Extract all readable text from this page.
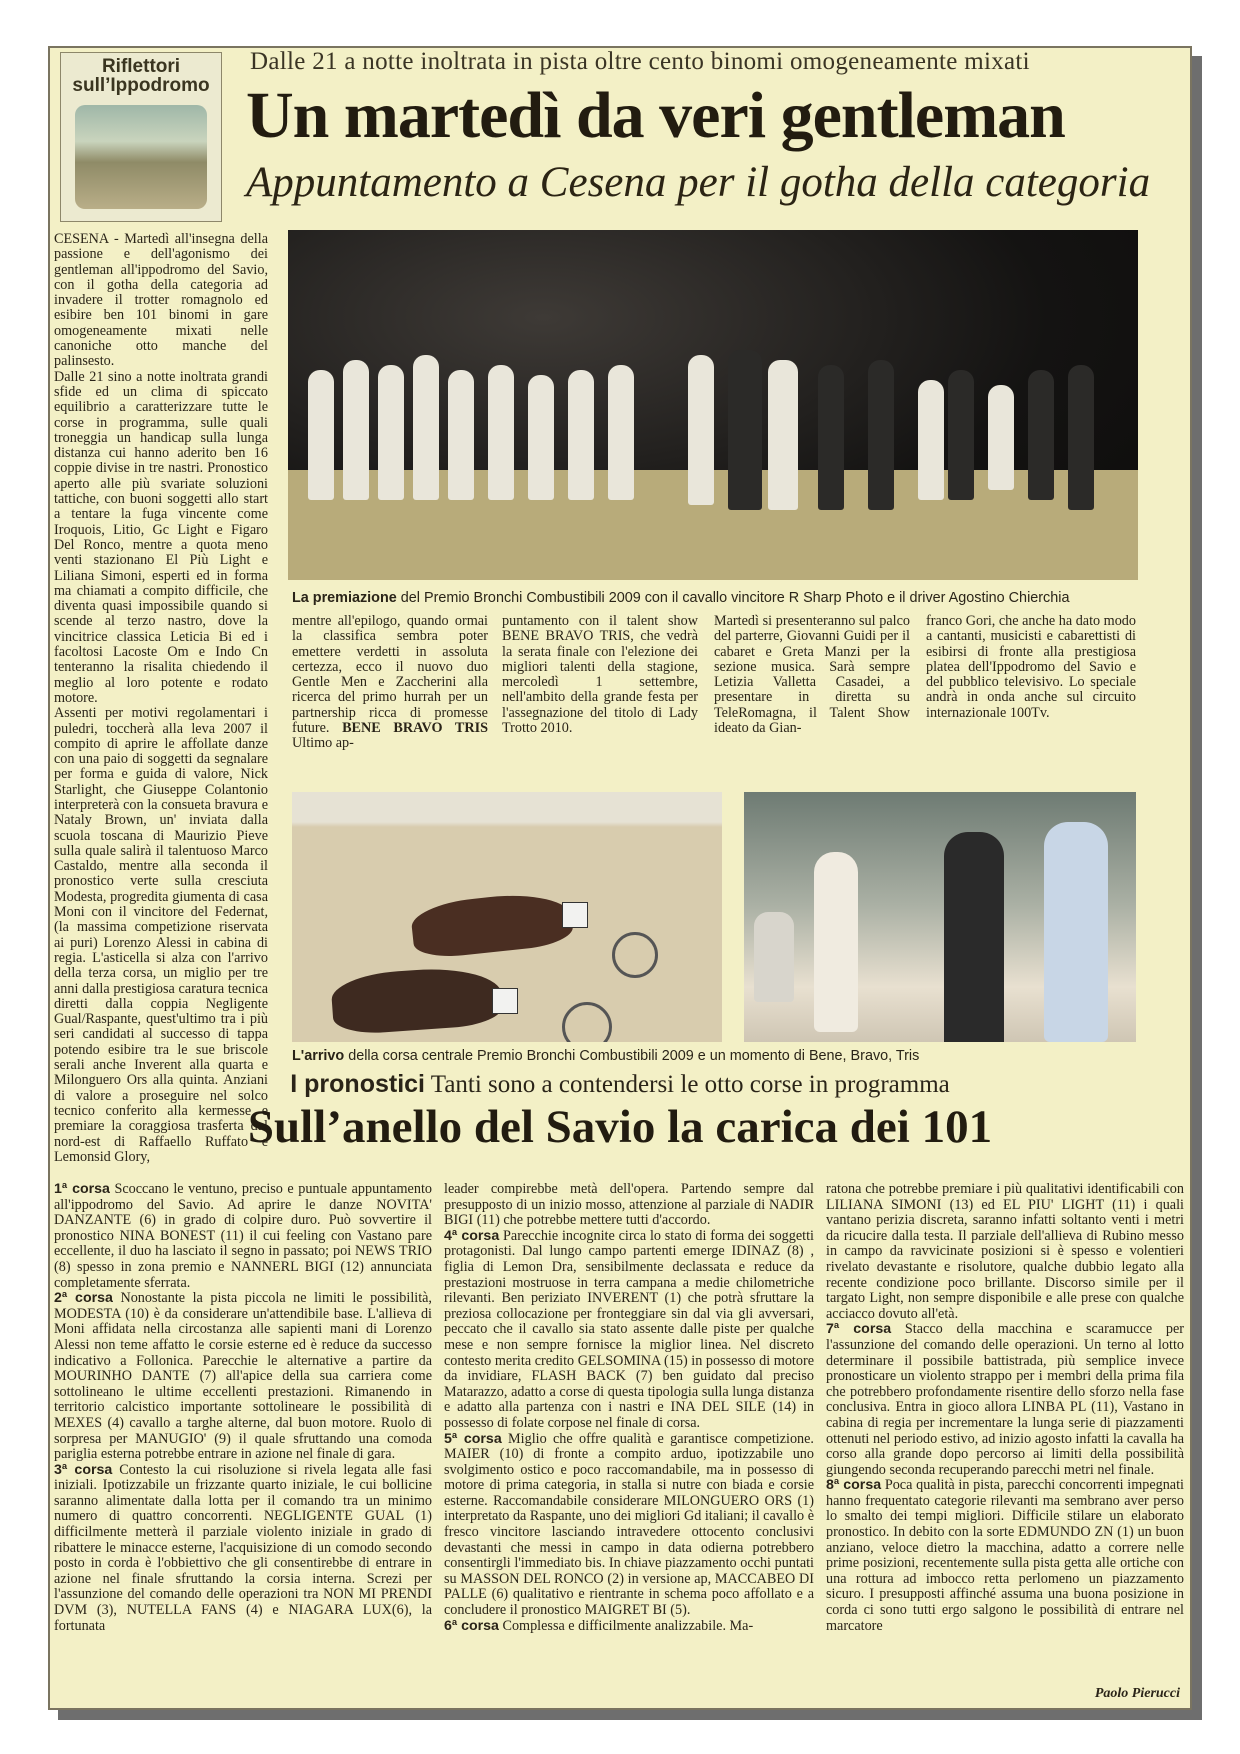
Riflettori
sull’Ippodromo
Dalle 21 a notte inoltrata in pista oltre cento binomi omogeneamente mixati
Un martedì da veri gentleman
Appuntamento a Cesena per il gotha della categoria

CESENA - Martedì all'insegna della passione e dell'agonismo dei gentleman all'ippodromo del Savio, con il gotha della categoria ad invadere il trotter romagnolo ed esibire ben 101 binomi in gare omogeneamente mixati nelle canoniche otto manche del palinsesto.

Dalle 21 sino a notte inoltrata grandi sfide ed un clima di spiccato equilibrio a caratterizzare tutte le corse in programma, sulle quali troneggia un handicap sulla lunga distanza cui hanno aderito ben 16 coppie divise in tre nastri. Pronostico aperto alle più svariate soluzioni tattiche, con buoni soggetti allo start a tentare la fuga vincente come Iroquois, Litio, Gc Light e Figaro Del Ronco, mentre a quota meno venti stazionano El Più Light e Liliana Simoni, esperti ed in forma ma chiamati a compito difficile, che diventa quasi impossibile quando si scende al terzo nastro, dove la vincitrice classica Leticia Bi ed i facoltosi Lacoste Om e Indo Cn tenteranno la risalita chiedendo il meglio al loro potente e rodato motore.

Assenti per motivi regolamentari i puledri, toccherà alla leva 2007 il compito di aprire le affollate danze con una paio di soggetti da segnalare per forma e guida di valore, Nick Starlight, che Giuseppe Colantonio interpreterà con la consueta bravura e Nataly Brown, un' inviata dalla scuola toscana di Maurizio Pieve sulla quale salirà il talentuoso Marco Castaldo, mentre alla seconda il pronostico verte sulla cresciuta Modesta, progredita giumenta di casa Moni con il vincitore del Federnat, (la massima competizione riservata ai puri) Lorenzo Alessi in cabina di regia. L'asticella si alza con l'arrivo della terza corsa, un miglio per tre anni dalla prestigiosa caratura tecnica diretti dalla coppia Negligente Gual/Raspante, quest'ultimo tra i più seri candidati al successo di tappa potendo esibire tra le sue briscole serali anche Inverent alla quarta e Milonguero Ors alla quinta. Anziani di valore a proseguire nel solco tecnico conferito alla kermesse e premiare la coraggiosa trasferta dal nord-est di Raffaello Ruffato e Lemonsid Glory,

La premiazione del Premio Bronchi Combustibili 2009 con il cavallo vincitore R Sharp Photo e il driver Agostino Chierchia

mentre all'epilogo, quando ormai la classifica sembra poter emettere verdetti in assoluta certezza, ecco il nuovo duo Gentle Men e Zaccherini alla ricerca del primo hurrah per un partnership ricca di promesse future. BENE BRAVO TRIS Ultimo ap-

puntamento con il talent show BENE BRAVO TRIS, che vedrà la serata finale con l'elezione dei migliori talenti della stagione, mercoledì 1 settembre, nell'ambito della grande festa per l'assegnazione del titolo di Lady Trotto 2010.

Martedì si presenteranno sul palco del parterre, Giovanni Guidi per il cabaret e Greta Manzi per la sezione musica. Sarà sempre Letizia Valletta Casadei, a presentare in diretta su TeleRomagna, il Talent Show ideato da Gian-

franco Gori, che anche ha dato modo a cantanti, musicisti e cabarettisti di esibirsi di fronte alla prestigiosa platea dell'Ippodromo del Savio e del pubblico televisivo. Lo speciale andrà in onda anche sul circuito internazionale 100Tv.

I pronostici Tanti sono a contendersi le otto corse in programma
Sull’anello del Savio la carica dei 101

1ª corsa Scoccano le ventuno, preciso e puntuale appuntamento all'ippodromo del Savio. Ad aprire le danze NOVITA' DANZANTE (6) in grado di colpire duro. Può sovvertire il pronostico NINA BONEST (11) il cui feeling con Vastano pare eccellente, il duo ha lasciato il segno in passato; poi NEWS TRIO (8) spesso in zona premio e NANNERL BIGI (12) annunciata completamente sferrata.

2ª corsa Nonostante la pista piccola ne limiti le possibilità, MODESTA (10) è da considerare un'attendibile base. L'allieva di Moni affidata nella circostanza alle sapienti mani di Lorenzo Alessi non teme affatto le corsie esterne ed è reduce da successo indicativo a Follonica. Parecchie le alternative a partire da MOURINHO DANTE (7) all'apice della sua carriera come sottolineano le ultime eccellenti prestazioni. Rimanendo in territorio calcistico importante sottolineare le possibilità di MEXES (4) cavallo a targhe alterne, dal buon motore. Ruolo di sorpresa per MANUGIO' (9) il quale sfruttando una comoda pariglia esterna potrebbe entrare in azione nel finale di gara.

3ª corsa Contesto la cui risoluzione si rivela legata alle fasi iniziali. Ipotizzabile un frizzante quarto iniziale, le cui bollicine saranno alimentate dalla lotta per il comando tra un minimo numero di quattro concorrenti. NEGLIGENTE GUAL (1) difficilmente metterà il parziale violento iniziale in grado di ribattere le minacce esterne, l'acquisizione di un comodo secondo posto in corda è l'obbiettivo che gli consentirebbe di entrare in azione nel finale sfruttando la corsia interna. Screzi per l'assunzione del comando delle operazioni tra NON MI PRENDI DVM (3), NUTELLA FANS (4) e NIAGARA LUX(6), la fortunata

leader compirebbe metà dell'opera. Partendo sempre dal presupposto di un inizio mosso, attenzione al parziale di NADIR BIGI (11) che potrebbe mettere tutti d'accordo.

4ª corsa Parecchie incognite circa lo stato di forma dei soggetti protagonisti. Dal lungo campo partenti emerge IDINAZ (8) , figlia di Lemon Dra, sensibilmente declassata e reduce da prestazioni mostruose in terra campana a medie chilometriche rilevanti. Ben periziato INVERENT (1) che potrà sfruttare la preziosa collocazione per fronteggiare sin dal via gli avversari, peccato che il cavallo sia stato assente dalle piste per qualche mese e non sempre fornisce la miglior linea. Nel discreto contesto merita credito GELSOMINA (15) in possesso di motore da invidiare, FLASH BACK (7) ben guidato dal preciso Matarazzo, adatto a corse di questa tipologia sulla lunga distanza e adatto alla partenza con i nastri e INA DEL SILE (14) in possesso di folate corpose nel finale di corsa.

5ª corsa Miglio che offre qualità e garantisce competizione. MAIER (10) di fronte a compito arduo, ipotizzabile uno svolgimento ostico e poco raccomandabile, ma in possesso di motore di prima categoria, in stalla si nutre con biada e corsie esterne. Raccomandabile considerare MILONGUERO ORS (1) interpretato da Raspante, uno dei migliori Gd italiani; il cavallo è fresco vincitore lasciando intravedere ottocento conclusivi devastanti che messi in campo in data odierna potrebbero consentirgli l'immediato bis. In chiave piazzamento occhi puntati su MASSON DEL RONCO (2) in versione ap, MACCABEO DI PALLE (6) qualitativo e rientrante in schema poco affollato e a concludere il pronostico MAIGRET BI (5).

6ª corsa Complessa e difficilmente analizzabile. Ma-

ratona che potrebbe premiare i più qualitativi identificabili con LILIANA SIMONI (13) ed EL PIU' LIGHT (11) i quali vantano perizia discreta, saranno infatti soltanto venti i metri da ricucire dalla testa. Il parziale dell'allieva di Rubino messo in campo da ravvicinate posizioni si è spesso e volentieri rivelato devastante e risolutore, qualche dubbio legato alla recente condizione poco brillante. Discorso simile per il targato Light, non sempre disponibile e alle prese con qualche acciacco dovuto all'età.

7ª corsa Stacco della macchina e scaramucce per l'assunzione del comando delle operazioni. Un terno al lotto determinare il possibile battistrada, più semplice invece pronosticare un violento strappo per i membri della prima fila che potrebbero profondamente risentire dello sforzo nella fase conclusiva. Entra in gioco allora LINBA PL (11), Vastano in cabina di regia per incrementare la lunga serie di piazzamenti ottenuti nel periodo estivo, ad inizio agosto infatti la cavalla ha corso alla grande dopo percorso ai limiti della possibilità giungendo seconda recuperando parecchi metri nel finale.

8ª corsa Poca qualità in pista, parecchi concorrenti impegnati hanno frequentato categorie rilevanti ma sembrano aver perso lo smalto dei tempi migliori. Difficile stilare un elaborato pronostico. In debito con la sorte EDMUNDO ZN (1) un buon anziano, veloce dietro la macchina, adatto a correre nelle prime posizioni, recentemente sulla pista getta alle ortiche con una rottura ad imbocco retta perlomeno un piazzamento sicuro. I presupposti affinché assuma una buona posizione in corda ci sono tutti ergo salgono le possibilità di entrare nel marcatore

Paolo Pierucci
L'arrivo della corsa centrale Premio Bronchi Combustibili 2009 e un momento di Bene, Bravo, Tris
